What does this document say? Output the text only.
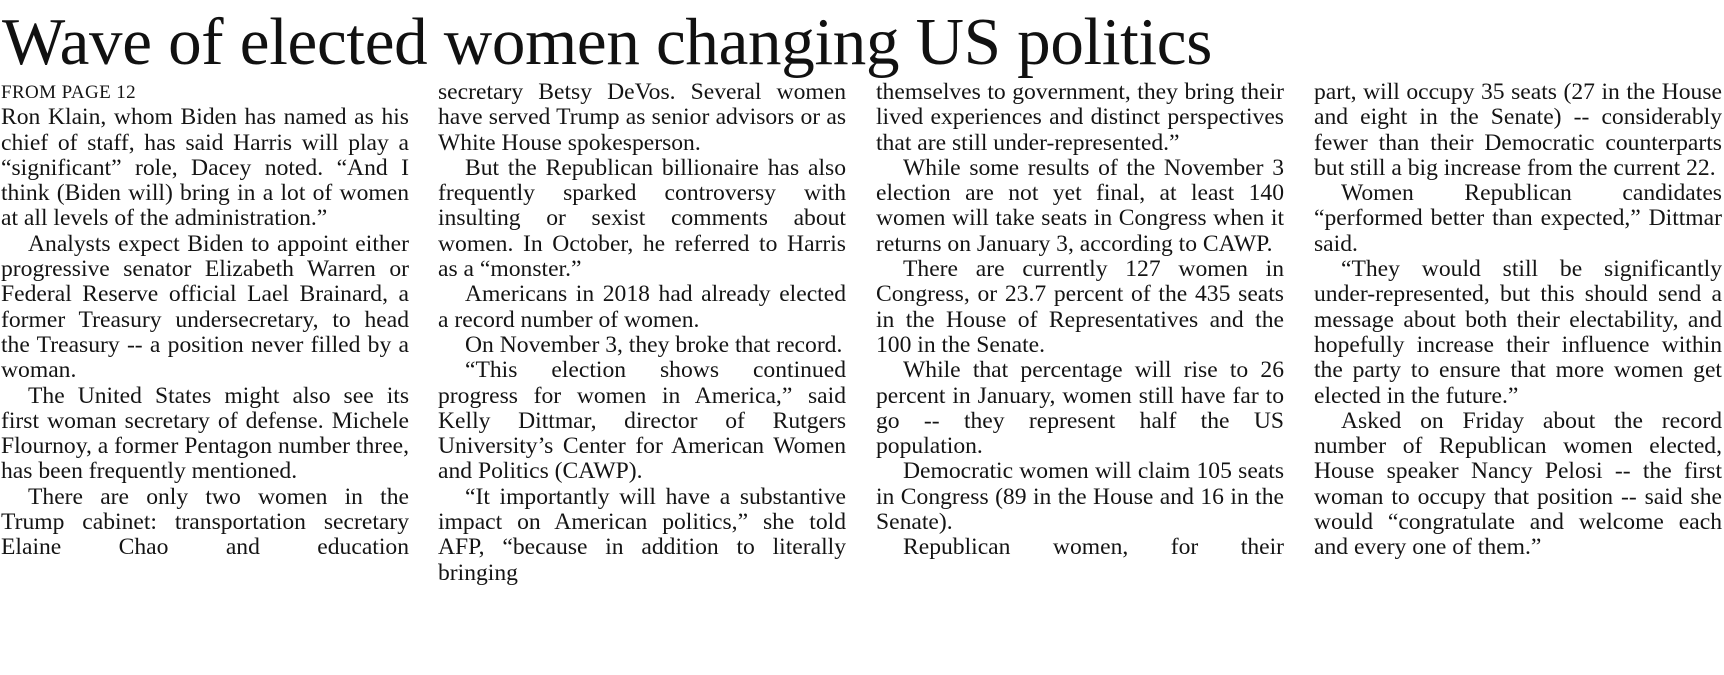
Wave of elected women changing US politics
FROM PAGE 12

Ron Klain, whom Biden has named as his chief of staff, has said Harris will play a “significant” role, Dacey noted. “And I think (Biden will) bring in a lot of women at all levels of the administration.”

Analysts expect Biden to appoint either progressive senator Elizabeth Warren or Federal Reserve official Lael Brainard, a former Treasury undersecretary, to head the Treasury -- a position never filled by a woman.

The United States might also see its first woman secretary of defense. Michele Flournoy, a former Pentagon number three, has been frequently mentioned.

There are only two women in the Trump cabinet: transportation secretary Elaine Chao and education

secretary Betsy DeVos. Several women have served Trump as senior advisors or as White House spokesperson.

But the Republican billionaire has also frequently sparked controversy with insulting or sexist comments about women. In October, he referred to Harris as a “monster.”

Americans in 2018 had already elected a record number of women.

On November 3, they broke that record.

“This election shows continued progress for women in America,” said Kelly Dittmar, director of Rutgers University’s Center for American Women and Politics (CAWP).

“It importantly will have a substantive impact on American politics,” she told AFP, “because in addition to literally bringing

themselves to government, they bring their lived experiences and distinct perspectives that are still under-represented.”

While some results of the November 3 election are not yet final, at least 140 women will take seats in Congress when it returns on January 3, according to CAWP.

There are currently 127 women in Congress, or 23.7 percent of the 435 seats in the House of Representatives and the 100 in the Senate.

While that percentage will rise to 26 percent in January, women still have far to go -- they represent half the US population.

Democratic women will claim 105 seats in Congress (89 in the House and 16 in the Senate).

Republican women, for their

part, will occupy 35 seats (27 in the House and eight in the Senate) -- considerably fewer than their Democratic counterparts but still a big increase from the current 22.

Women Republican candidates “performed better than expected,” Dittmar said.

“They would still be significantly under-represented, but this should send a message about both their electability, and hopefully increase their influence within the party to ensure that more women get elected in the future.”

Asked on Friday about the record number of Republican women elected, House speaker Nancy Pelosi -- the first woman to occupy that position -- said she would “congratulate and welcome each and every one of them.”
